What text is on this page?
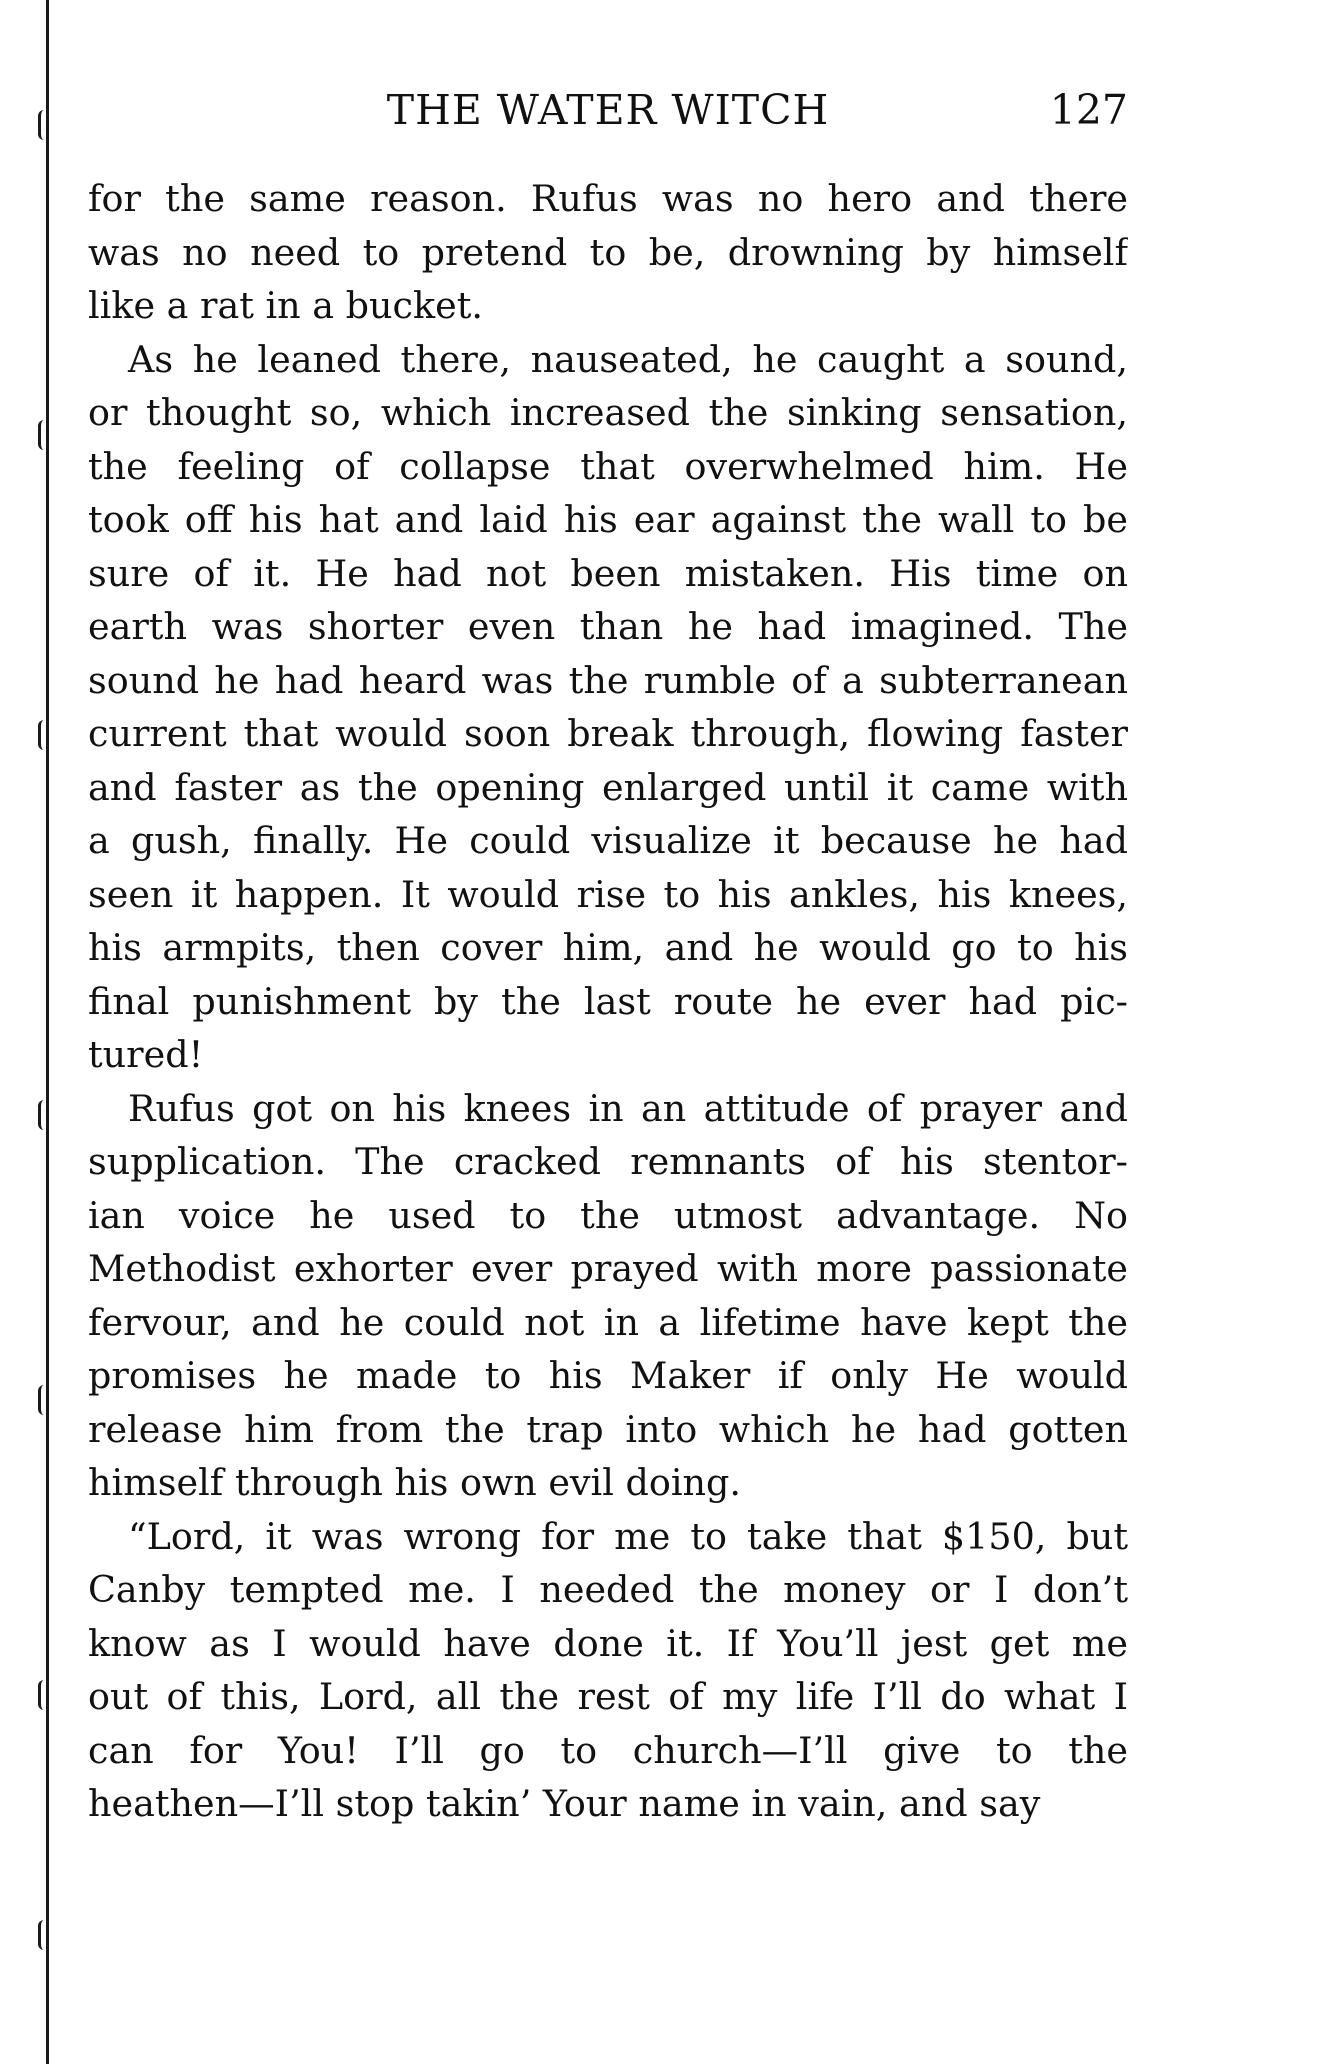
THE WATER WITCH	127
for the same reason. Rufus was no hero and there
was no need to pretend to be, drowning by himself
like a rat in a bucket.
As he leaned there, nauseated, he caught a sound,
or thought so, which increased the sinking sensation,
the feeling of collapse that overwhelmed him. He
took off his hat and laid his ear against the wall to be
sure of it. He had not been mistaken. His time on
earth was shorter even than he had imagined. The
sound he had heard was the rumble of a subterranean
current that would soon break through, flowing faster
and faster as the opening enlarged until it came with
a gush, finally. He could visualize it because he had
seen it happen. It would rise to his ankles, his knees,
his armpits, then cover him, and he would go to his
final punishment by the last route he ever had pic-
tured!
Rufus got on his knees in an attitude of prayer and
supplication. The cracked remnants of his stentor-
ian voice he used to the utmost advantage. No
Methodist exhorter ever prayed with more passionate
fervour, and he could not in a lifetime have kept the
promises he made to his Maker if only He would
release him from the trap into which he had gotten
himself through his own evil doing.
“Lord, it was wrong for me to take that $150, but
Canby tempted me. I needed the money or I don’t
know as I would have done it. If You’ll jest get me
out of this, Lord, all the rest of my life I’ll do what I
can for You! I’ll go to church—I’ll give to the
heathen—I’ll stop takin’ Your name in vain, and say
